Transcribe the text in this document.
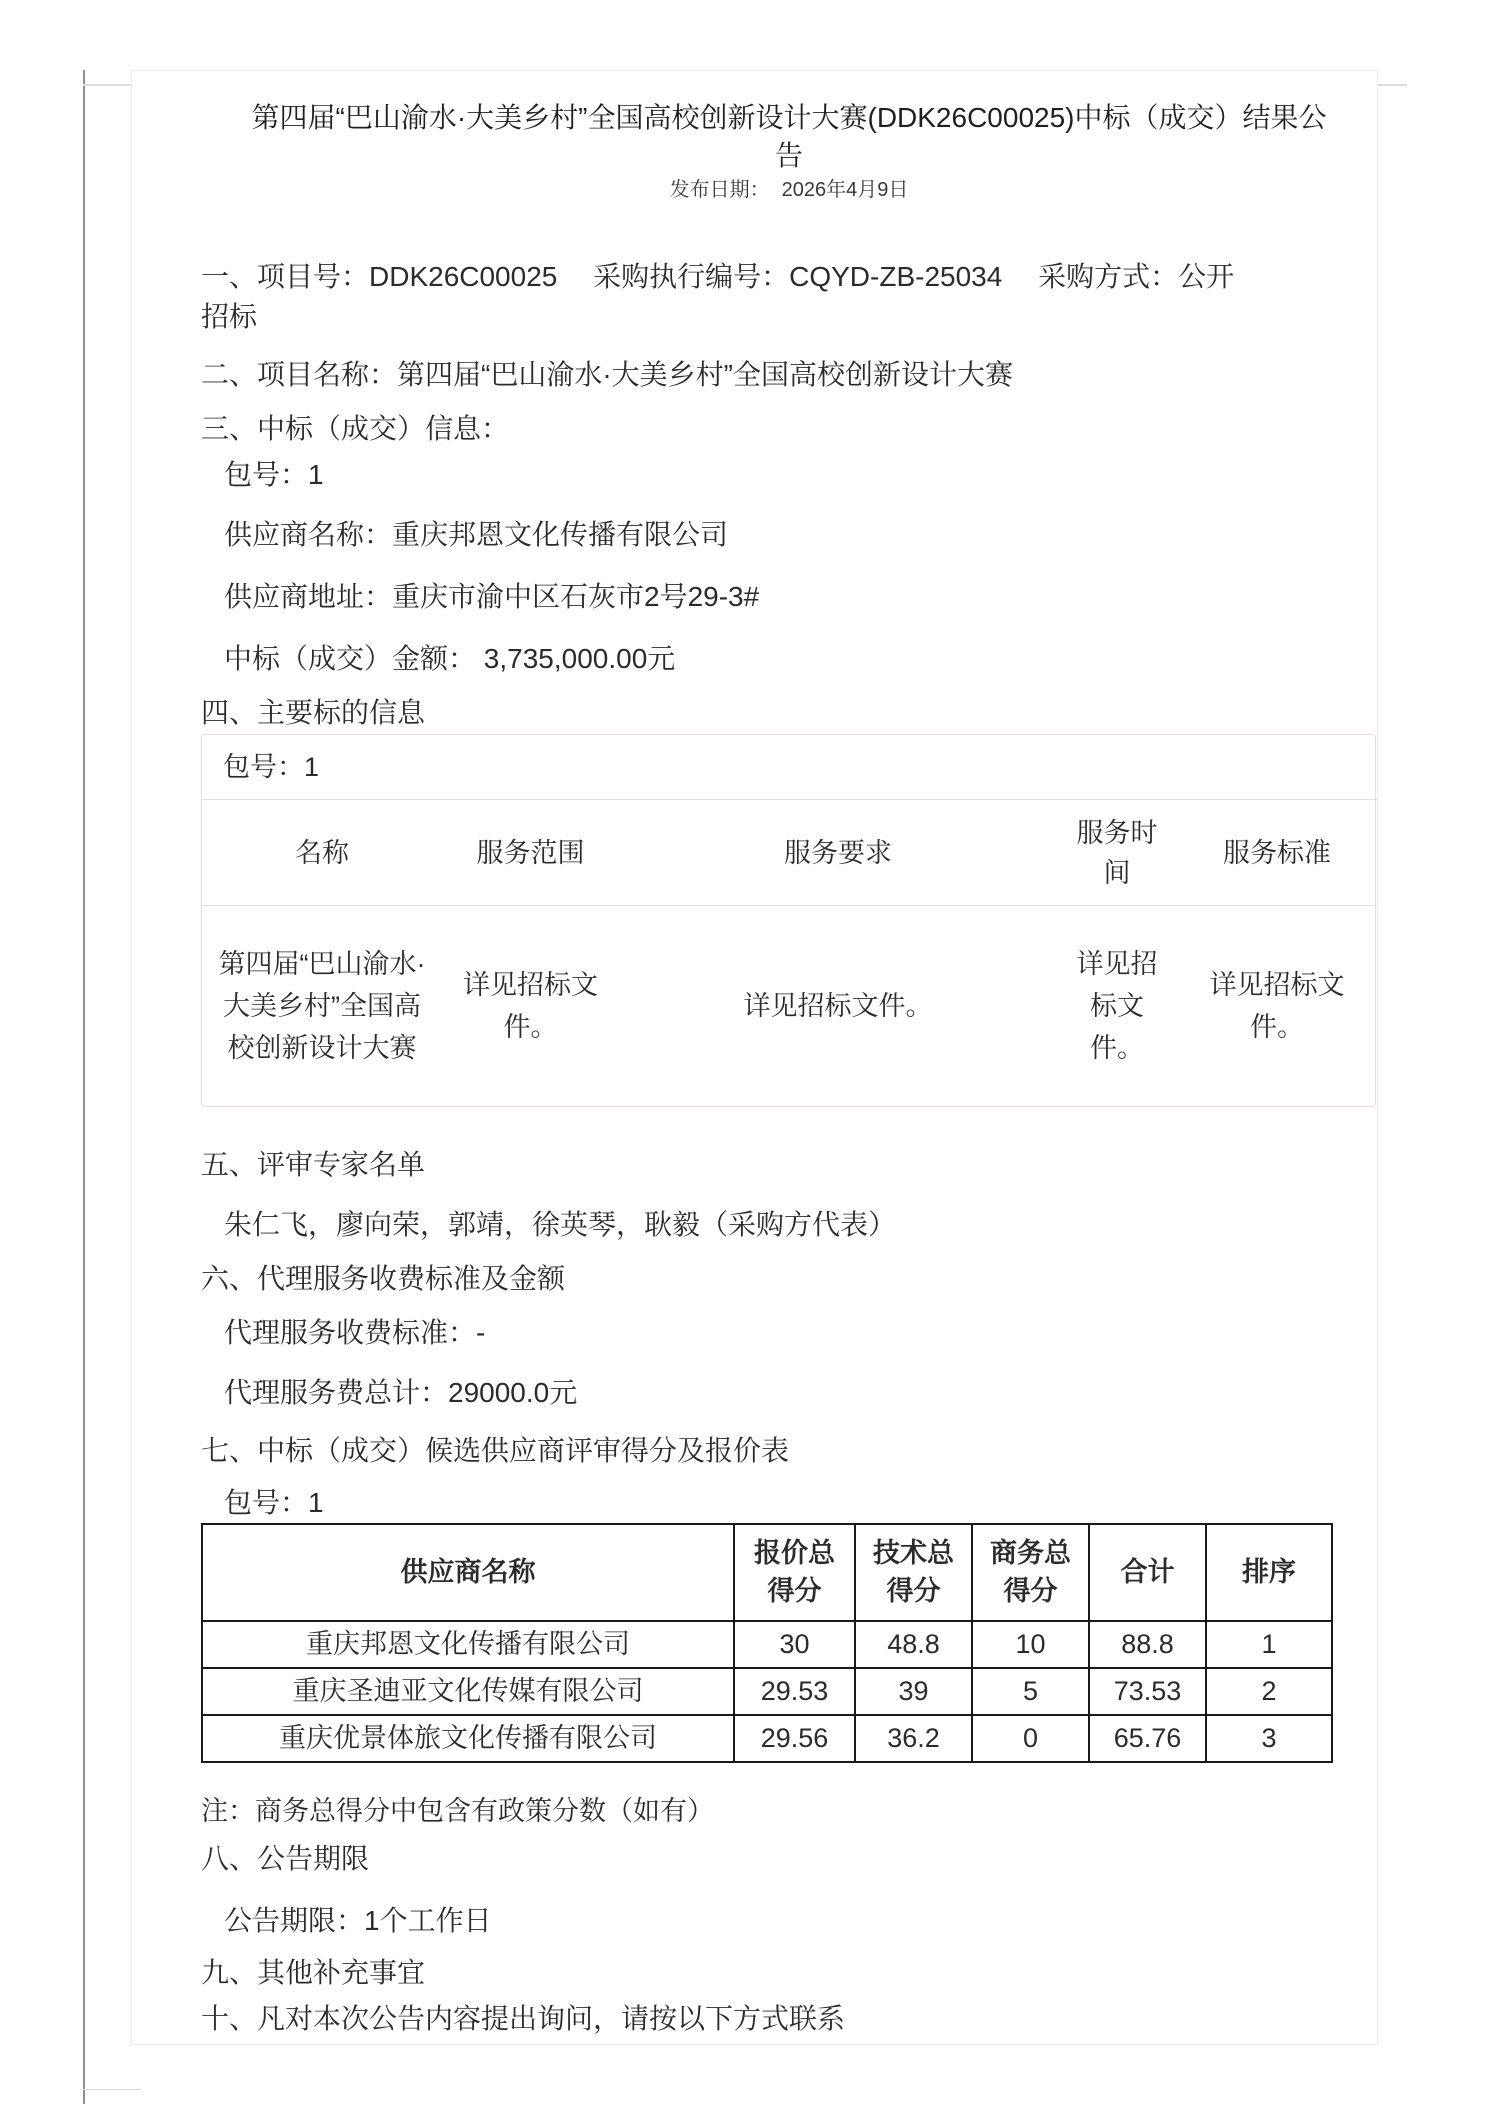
第四届“巴山渝水·大美乡村”全国高校创新设计大赛(DDK26C00025)中标（成交）结果公告
发布日期： 2026年4月9日
一、项目号：DDK26C00025　 采购执行编号：CQYD-ZB-25034　 采购方式：公开招标
二、项目名称：第四届“巴山渝水·大美乡村”全国高校创新设计大赛
三、中标（成交）信息：
包号：1
供应商名称：重庆邦恩文化传播有限公司
供应商地址：重庆市渝中区石灰市2号29-3#
中标（成交）金额： 3,735,000.00元
四、主要标的信息
包号：1
名称	服务范围	服务要求	服务时间	服务标准
第四届“巴山渝水·大美乡村”全国高校创新设计大赛	详见招标文件。	详见招标文件。	详见招标文件。	详见招标文件。
五、评审专家名单
朱仁飞，廖向荣，郭靖，徐英琴，耿毅（采购方代表）
六、代理服务收费标准及金额
代理服务收费标准：-
代理服务费总计：29000.0元
七、中标（成交）候选供应商评审得分及报价表
包号：1
供应商名称	报价总得分	技术总得分	商务总得分	合计	排序
重庆邦恩文化传播有限公司	30	48.8	10	88.8	1
重庆圣迪亚文化传媒有限公司	29.53	39	5	73.53	2
重庆优景体旅文化传播有限公司	29.56	36.2	0	65.76	3
注：商务总得分中包含有政策分数（如有）
八、公告期限
公告期限：1个工作日
九、其他补充事宜
十、凡对本次公告内容提出询问，请按以下方式联系
